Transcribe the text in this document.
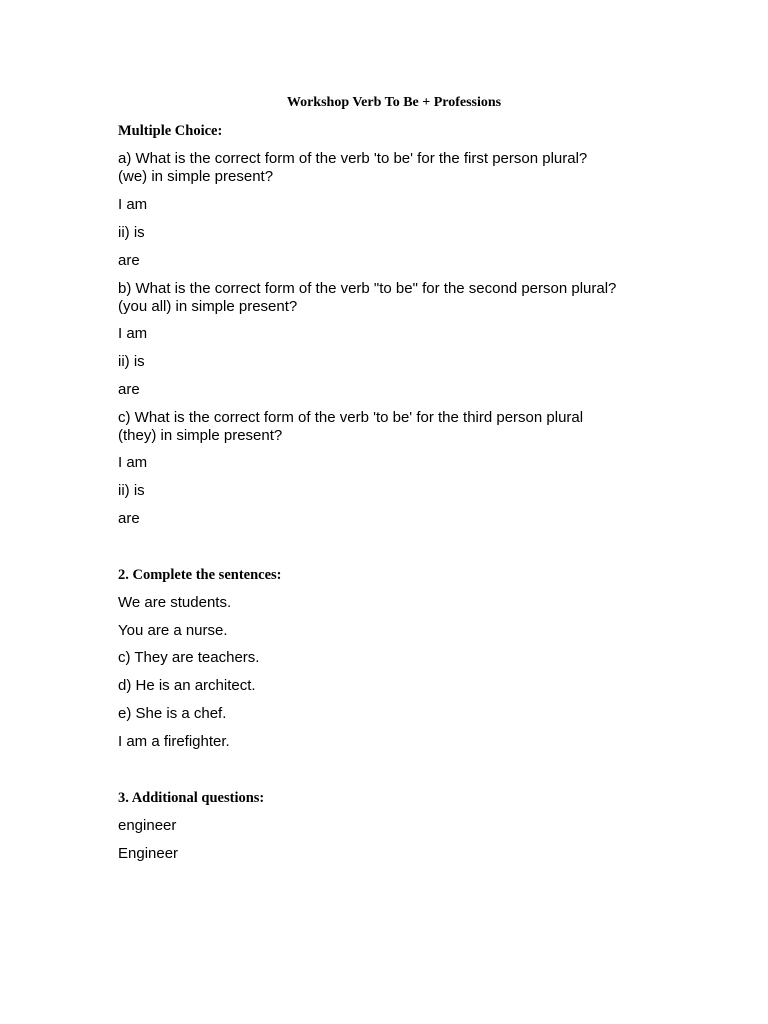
Workshop Verb To Be + Professions
Multiple Choice:
a) What is the correct form of the verb 'to be' for the first person plural?
(we) in simple present?
I am
ii) is
are
b) What is the correct form of the verb "to be" for the second person plural?
(you all) in simple present?
I am
ii) is
are
c) What is the correct form of the verb 'to be' for the third person plural
(they) in simple present?
I am
ii) is
are
2. Complete the sentences:
We are students.
You are a nurse.
c) They are teachers.
d) He is an architect.
e) She is a chef.
I am a firefighter.
3. Additional questions:
engineer
Engineer
